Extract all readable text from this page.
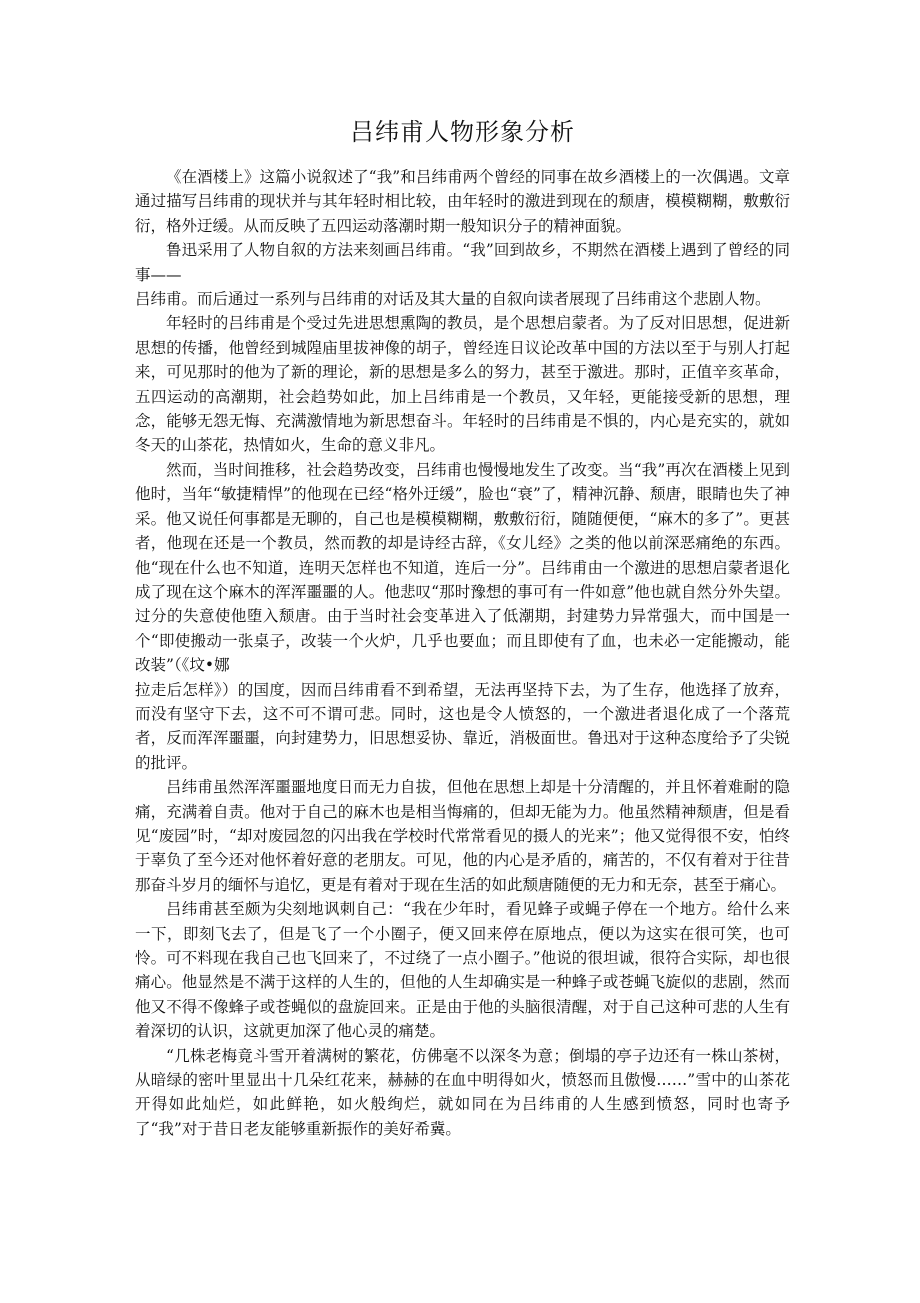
吕纬甫人物形象分析

《在酒楼上》这篇小说叙述了“我”和吕纬甫两个曾经的同事在故乡酒楼上的一次偶遇。文章通过描写吕纬甫的现状并与其年轻时相比较，由年轻时的激进到现在的颓唐，模模糊糊，敷敷衍衍，格外迂缓。从而反映了五四运动落潮时期一般知识分子的精神面貌。

鲁迅采用了人物自叙的方法来刻画吕纬甫。“我”回到故乡，不期然在酒楼上遇到了曾经的同事——

吕纬甫。而后通过一系列与吕纬甫的对话及其大量的自叙向读者展现了吕纬甫这个悲剧人物。

年轻时的吕纬甫是个受过先进思想熏陶的教员，是个思想启蒙者。为了反对旧思想，促进新思想的传播，他曾经到城隍庙里拔神像的胡子，曾经连日议论改革中国的方法以至于与别人打起来，可见那时的他为了新的理论，新的思想是多么的努力，甚至于激进。那时，正值辛亥革命，五四运动的高潮期，社会趋势如此，加上吕纬甫是一个教员，又年轻，更能接受新的思想，理念，能够无怨无悔、充满激情地为新思想奋斗。年轻时的吕纬甫是不惧的，内心是充实的，就如冬天的山茶花，热情如火，生命的意义非凡。

然而，当时间推移，社会趋势改变，吕纬甫也慢慢地发生了改变。当“我”再次在酒楼上见到他时，当年“敏捷精悍”的他现在已经“格外迂缓”，脸也“衰”了，精神沉静、颓唐，眼睛也失了神采。他又说任何事都是无聊的，自己也是模模糊糊，敷敷衍衍，随随便便，“麻木的多了”。更甚者，他现在还是一个教员，然而教的却是诗经古辞，《女儿经》之类的他以前深恶痛绝的东西。他“现在什么也不知道，连明天怎样也不知道，连后一分”。吕纬甫由一个激进的思想启蒙者退化成了现在这个麻木的浑浑噩噩的人。他悲叹“那时豫想的事可有一件如意”他也就自然分外失望。过分的失意使他堕入颓唐。由于当时社会变革进入了低潮期，封建势力异常强大，而中国是一个“即使搬动一张桌子，改装一个火炉，几乎也要血；而且即使有了血，也未必一定能搬动，能改装”（《坟•娜

拉走后怎样》）的国度，因而吕纬甫看不到希望，无法再坚持下去，为了生存，他选择了放弃，而没有坚守下去，这不可不谓可悲。同时，这也是令人愤怒的，一个激进者退化成了一个落荒者，反而浑浑噩噩，向封建势力，旧思想妥协、靠近，消极面世。鲁迅对于这种态度给予了尖锐的批评。

吕纬甫虽然浑浑噩噩地度日而无力自拔，但他在思想上却是十分清醒的，并且怀着难耐的隐痛，充满着自责。他对于自己的麻木也是相当悔痛的，但却无能为力。他虽然精神颓唐，但是看见“废园”时，“却对废园忽的闪出我在学校时代常常看见的摄人的光来”；他又觉得很不安，怕终于辜负了至今还对他怀着好意的老朋友。可见，他的内心是矛盾的，痛苦的，不仅有着对于往昔那奋斗岁月的缅怀与追忆，更是有着对于现在生活的如此颓唐随便的无力和无奈，甚至于痛心。

吕纬甫甚至颇为尖刻地讽刺自己：“我在少年时，看见蜂子或蝇子停在一个地方。给什么来一下，即刻飞去了，但是飞了一个小圈子，便又回来停在原地点，便以为这实在很可笑，也可怜。可不料现在我自己也飞回来了，不过绕了一点小圈子。”他说的很坦诚，很符合实际，却也很痛心。他显然是不满于这样的人生的，但他的人生却确实是一种蜂子或苍蝇飞旋似的悲剧，然而他又不得不像蜂子或苍蝇似的盘旋回来。正是由于他的头脑很清醒，对于自己这种可悲的人生有着深切的认识，这就更加深了他心灵的痛楚。

“几株老梅竟斗雪开着满树的繁花，仿佛毫不以深冬为意；倒塌的亭子边还有一株山茶树，从暗绿的密叶里显出十几朵红花来，赫赫的在血中明得如火，愤怒而且傲慢……”雪中的山茶花开得如此灿烂，如此鲜艳，如火般绚烂，就如同在为吕纬甫的人生感到愤怒，同时也寄予了“我”对于昔日老友能够重新振作的美好希冀。
